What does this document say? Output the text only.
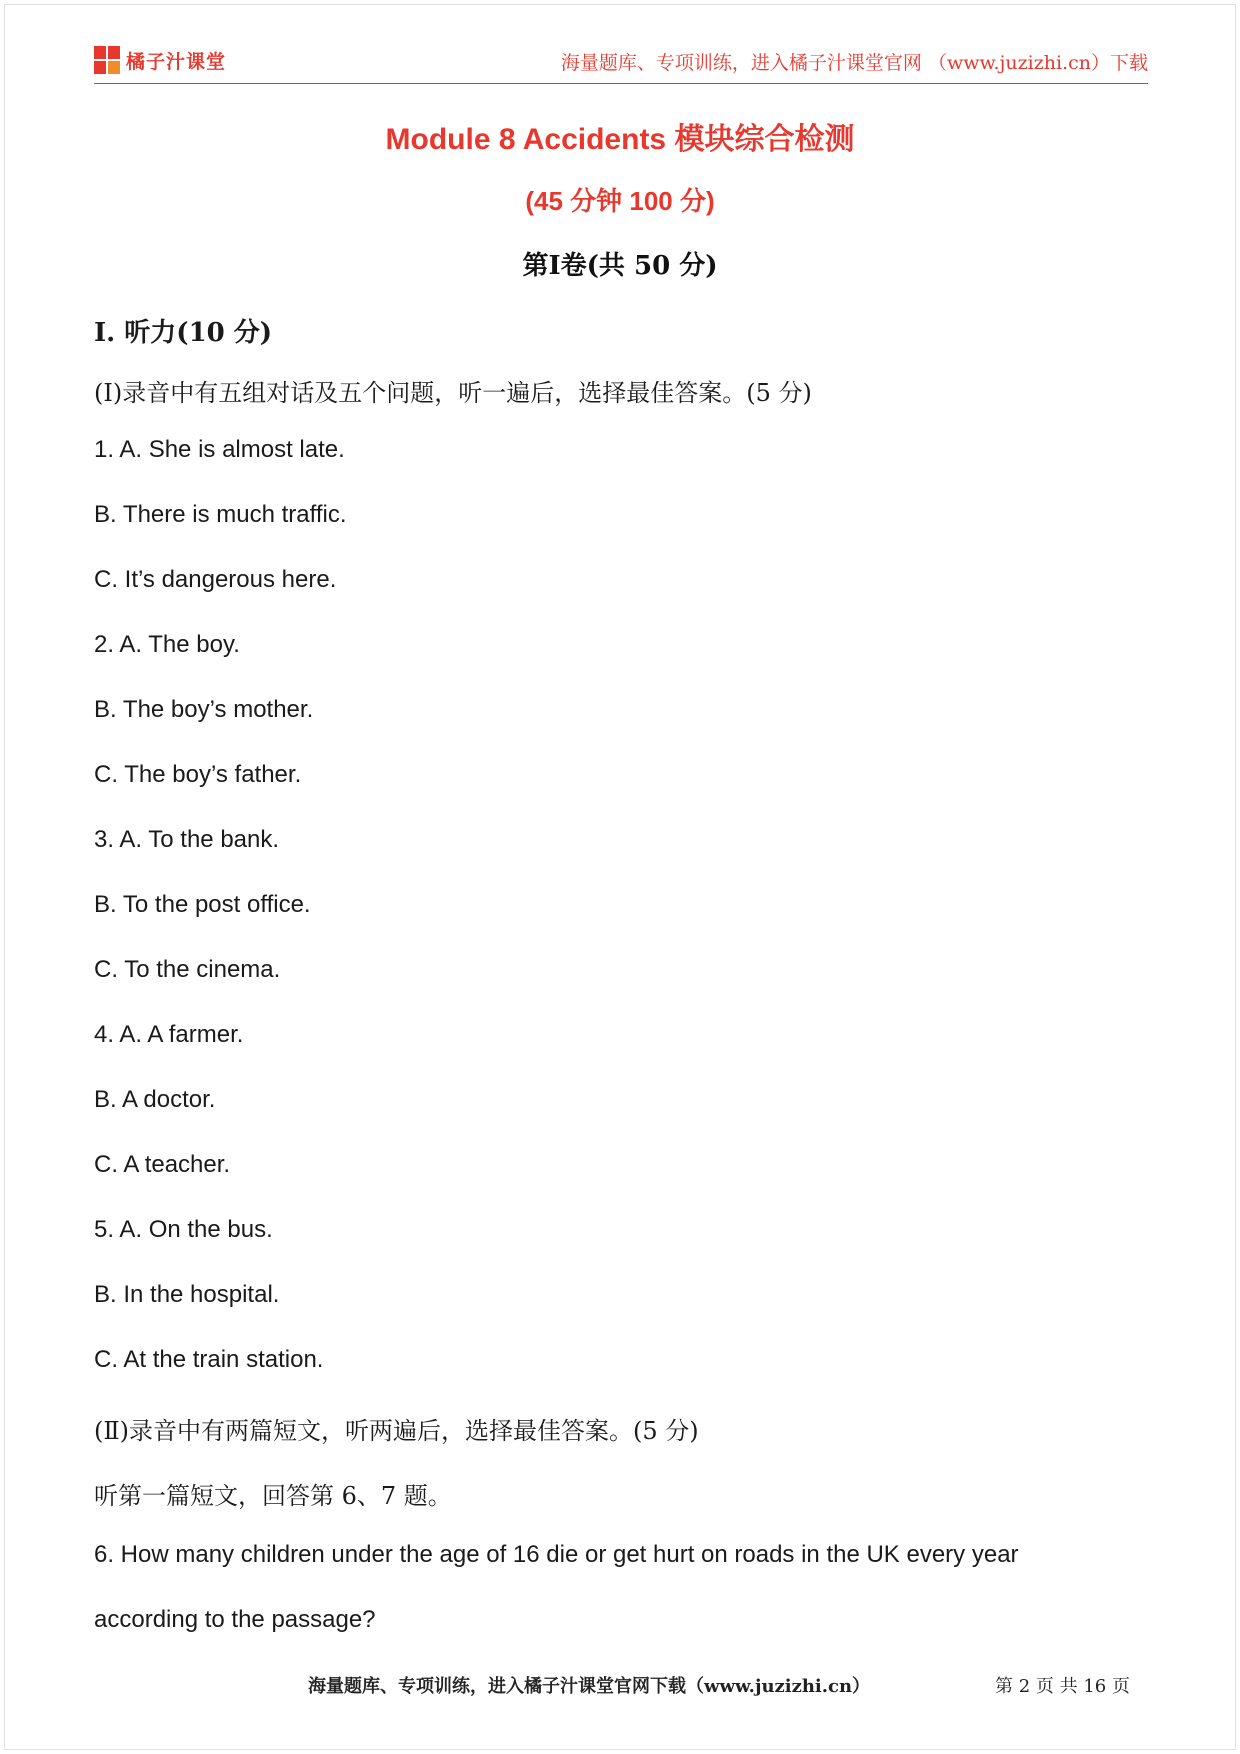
橘子汁课堂	海量题库、专项训练，进入橘子汁课堂官网 （www.juzizhi.cn）下载
Module 8 Accidents 模块综合检测
(45 分钟 100 分)
第Ⅰ卷(共 50 分)
Ⅰ. 听力(10 分)
(Ⅰ)录音中有五组对话及五个问题，听一遍后，选择最佳答案。(5 分)
1. A. She is almost late.
B. There is much traffic.
C. It’s dangerous here.
2. A. The boy.
B. The boy’s mother.
C. The boy’s father.
3. A. To the bank.
B. To the post office.
C. To the cinema.
4. A. A farmer.
B. A doctor.
C. A teacher.
5. A. On the bus.
B. In the hospital.
C. At the train station.
(Ⅱ)录音中有两篇短文，听两遍后，选择最佳答案。(5 分)
听第一篇短文，回答第 6、7 题。
6. How many children under the age of 16 die or get hurt on roads in the UK every year
according to the passage?
海量题库、专项训练，进入橘子汁课堂官网下载（www.juzizhi.cn）	第 2 页 共 16 页
